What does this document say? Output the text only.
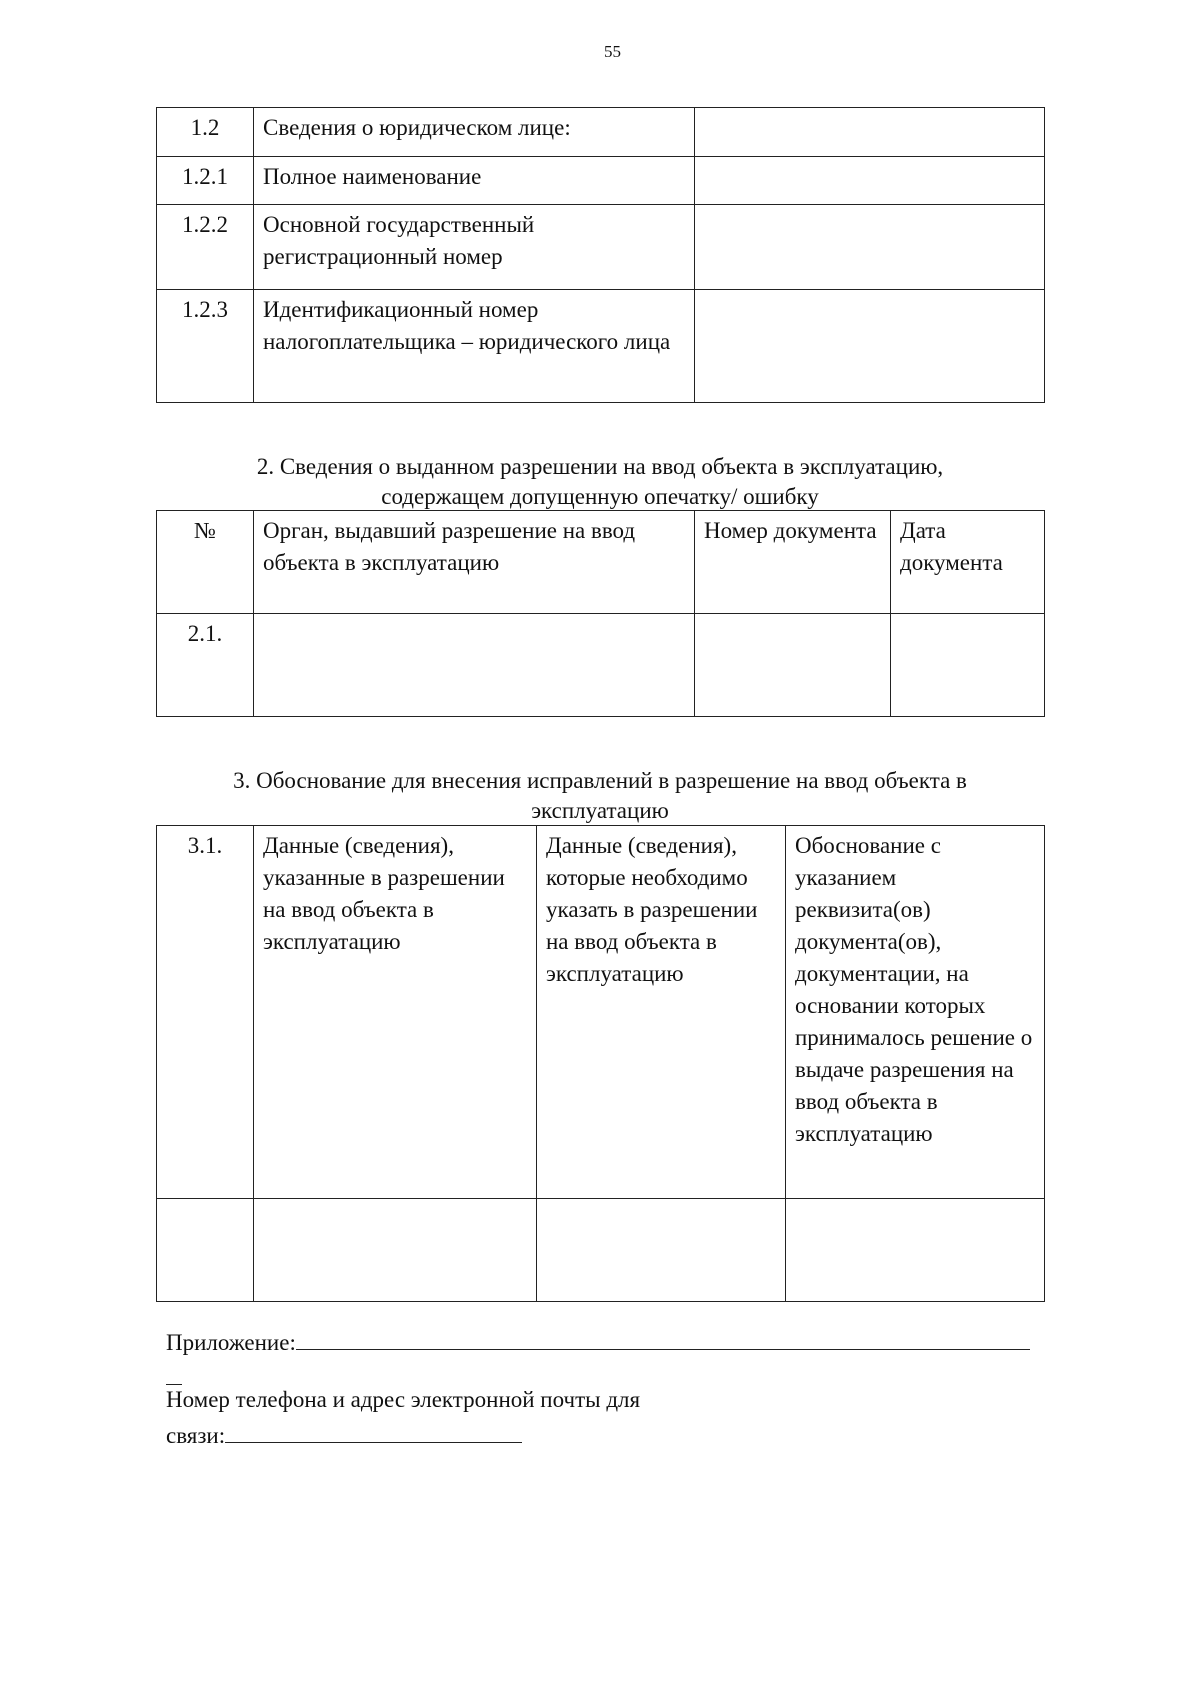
55
1.2	Сведения о юридическом лице:	
1.2.1	Полное наименование	
1.2.2	Основной государственный регистрационный номер	
1.2.3	Идентификационный номер налогоплательщика – юридического лица	
2. Сведения о выданном разрешении на ввод объекта в эксплуатацию,
содержащем допущенную опечатку/ ошибку
№	Орган, выдавший разрешение на ввод объекта в эксплуатацию	Номер документа	Дата документа
2.1.			
3. Обоснование для внесения исправлений в разрешение на ввод объекта в
эксплуатацию
3.1.	Данные (сведения), указанные в разрешении на ввод объекта в эксплуатацию	Данные (сведения), которые необходимо указать в разрешении на ввод объекта в эксплуатацию	Обоснование с указанием реквизита(ов) документа(ов), документации, на основании которых принималось решение о выдаче разрешения на ввод объекта в эксплуатацию

Приложение:
Номер телефона и адрес электронной почты для
связи:
